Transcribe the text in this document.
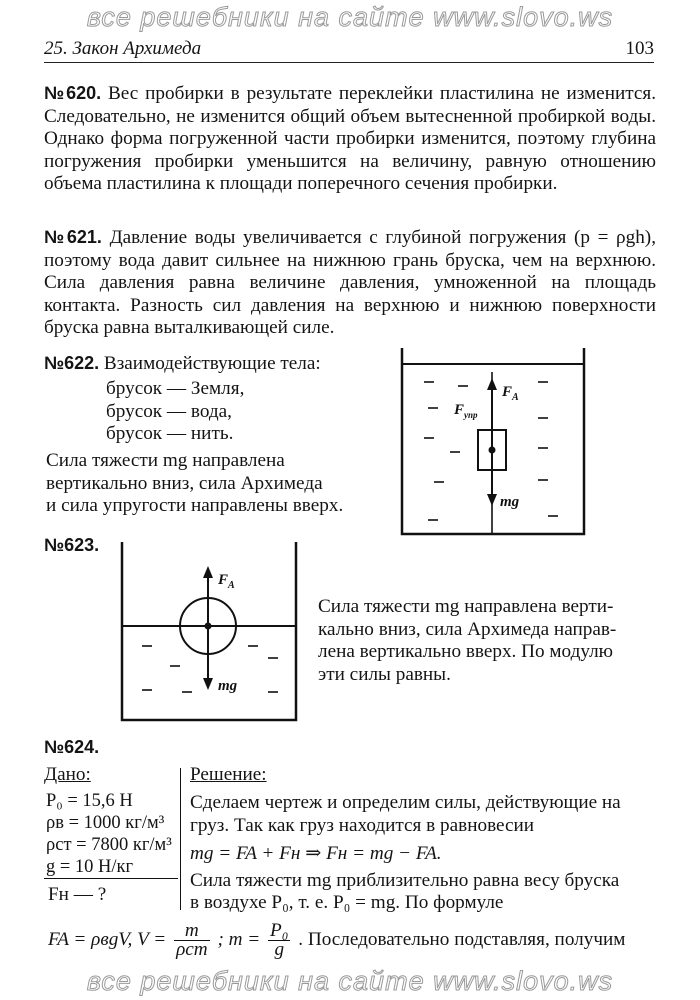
все решебники на сайте www.slovo.ws
все решебники на сайте www.slovo.ws
25. Закон Архимеда	103
№620. Вес пробирки в результате переклейки пластилина не изменится. Следовательно, не изменится общий объем вытесненной пробиркой воды. Однако форма погруженной части пробирки изменится, поэтому глубина погружения пробирки уменьшится на величину, равную отношению объема пластилина к площади поперечного сечения пробирки.
№621. Давление воды увеличивается с глубиной погружения (p = ρgh), поэтому вода давит сильнее на нижнюю грань бруска, чем на верхнюю. Сила давления равна величине давления, умноженной на площадь контакта. Разность сил давления на верхнюю и нижнюю поверхности бруска равна выталкивающей силе.
№622. Взаимодействующие тела:
брусок — Земля,
брусок — вода,
брусок — нить.
Сила тяжести mg направлена
вертикально вниз, сила Архимеда
и сила упругости направлены вверх.
$F_A$
$F_{упр}$
mg
№623.
$F_A$
mg
Сила тяжести mg направлена верти-
кально вниз, сила Архимеда направ-
лена вертикально вверх. По модулю
эти силы равны.
№624.
Дано:
P₀ = 15,6 Н
ρв = 1000 кг/м³
ρст = 7800 кг/м³
g = 10 Н/кг
Fн — ?
Решение:
Сделаем чертеж и определим силы, действующие на
груз. Так как груз находится в равновесии
mg = FA + Fн ⇒ Fн = mg − FA.
Сила тяжести mg приблизительно равна весу бруска
в воздухе P₀, т. е. P₀ = mg. По формуле
FA = ρвgV, V = m
ρст ; $m = \frac{\text{P₀}}{g}$ . Последовательно подставляя, получим
